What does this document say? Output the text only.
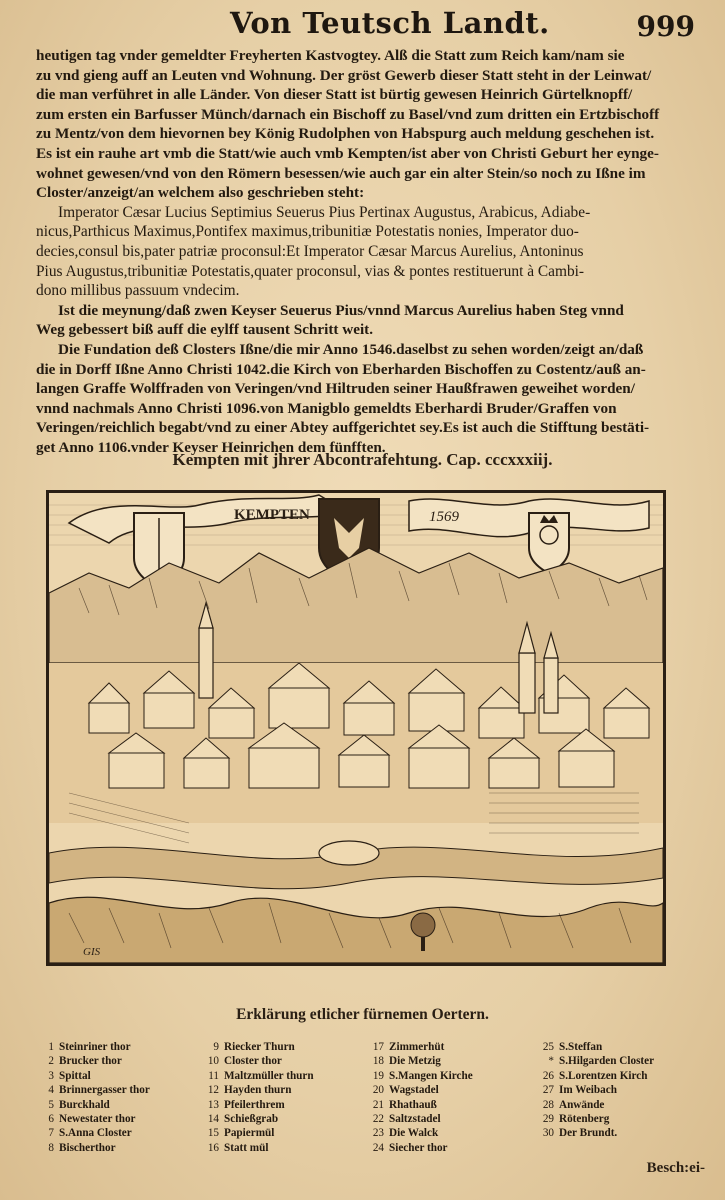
Von Teutsch Landt.	999
heutigen tag vnder gemeldter Freyherten Kastvogtey. Alß die Statt zum Reich kam/nam sie
zu vnd gieng auff an Leuten vnd Wohnung. Der gröst Gewerb dieser Statt steht in der Leinwat/
die man verführet in alle Länder. Von dieser Statt ist bürtig gewesen Heinrich Gürtelknopff/
zum ersten ein Barfusser Münch/darnach ein Bischoff zu Basel/vnd zum dritten ein Ertzbischoff
zu Mentz/von dem hievornen bey König Rudolphen von Habspurg auch meldung geschehen ist.
Es ist ein rauhe art vmb die Statt/wie auch vmb Kempten/ist aber von Christi Geburt her eynge-
wohnet gewesen/vnd von den Römern besessen/wie auch gar ein alter Stein/so noch zu Ißne im
Closter/anzeigt/an welchem also geschrieben steht:
Imperator Cæsar Lucius Septimius Seuerus Pius Pertinax Augustus, Arabicus, Adiabe-
nicus,Parthicus Maximus,Pontifex maximus,tribunitiæ Potestatis nonies, Imperator duo-
decies,consul bis,pater patriæ proconsul:Et Imperator Cæsar Marcus Aurelius, Antoninus
Pius Augustus,tribunitiæ Potestatis,quater proconsul, vias & pontes restituerunt à Cambi-
dono millibus passuum vndecim.
Ist die meynung/daß zwen Keyser Seuerus Pius/vnnd Marcus Aurelius haben Steg vnnd
Weg gebessert biß auff die eylff tausent Schritt weit.
Die Fundation deß Closters Ißne/die mir Anno 1546.daselbst zu sehen worden/zeigt an/daß
die in Dorff Ißne Anno Christi 1042.die Kirch von Eberharden Bischoffen zu Costentz/auß an-
langen Graffe Wolffraden von Veringen/vnd Hiltruden seiner Haußfrawen geweihet worden/
vnnd nachmals Anno Christi 1096.von Manigblo gemeldts Eberhardi Bruder/Graffen von
Veringen/reichlich begabt/vnd zu einer Abtey auffgerichtet sey.Es ist auch die Stifftung bestäti-
get Anno 1106.vnder Keyser Heinrichen dem fünfften.
Kempten mit jhrer Abcontrafehtung. Cap. cccxxxiij.
KEMPTEN	1569
GIS
Erklärung etlicher fürnemen Oertern.
1 Steinriner thor
2 Brucker thor
3 Spittal
4 Brinnergasser thor
5 Burckhald
6 Newestater thor
7 S.Anna Closter
8 Bischerthor
9 Riecker Thurn
10 Closter thor
11 Maltzmüller thurn
12 Hayden thurn
13 Pfeilerthrem
14 Schießgrab
15 Papiermül
16 Statt mül
17 Zimmerhüt
18 Die Metzig
19 S.Mangen Kirche
20 Wagstadel
21 Rhathauß
22 Saltzstadel
23 Die Walck
24 Siecher thor
25 S.Steffan
* S.Hilgarden Closter
26 S.Lorentzen Kirch
27 Im Weibach
28 Anwände
29 Rötenberg
30 Der Brundt.
Besch:ei-
